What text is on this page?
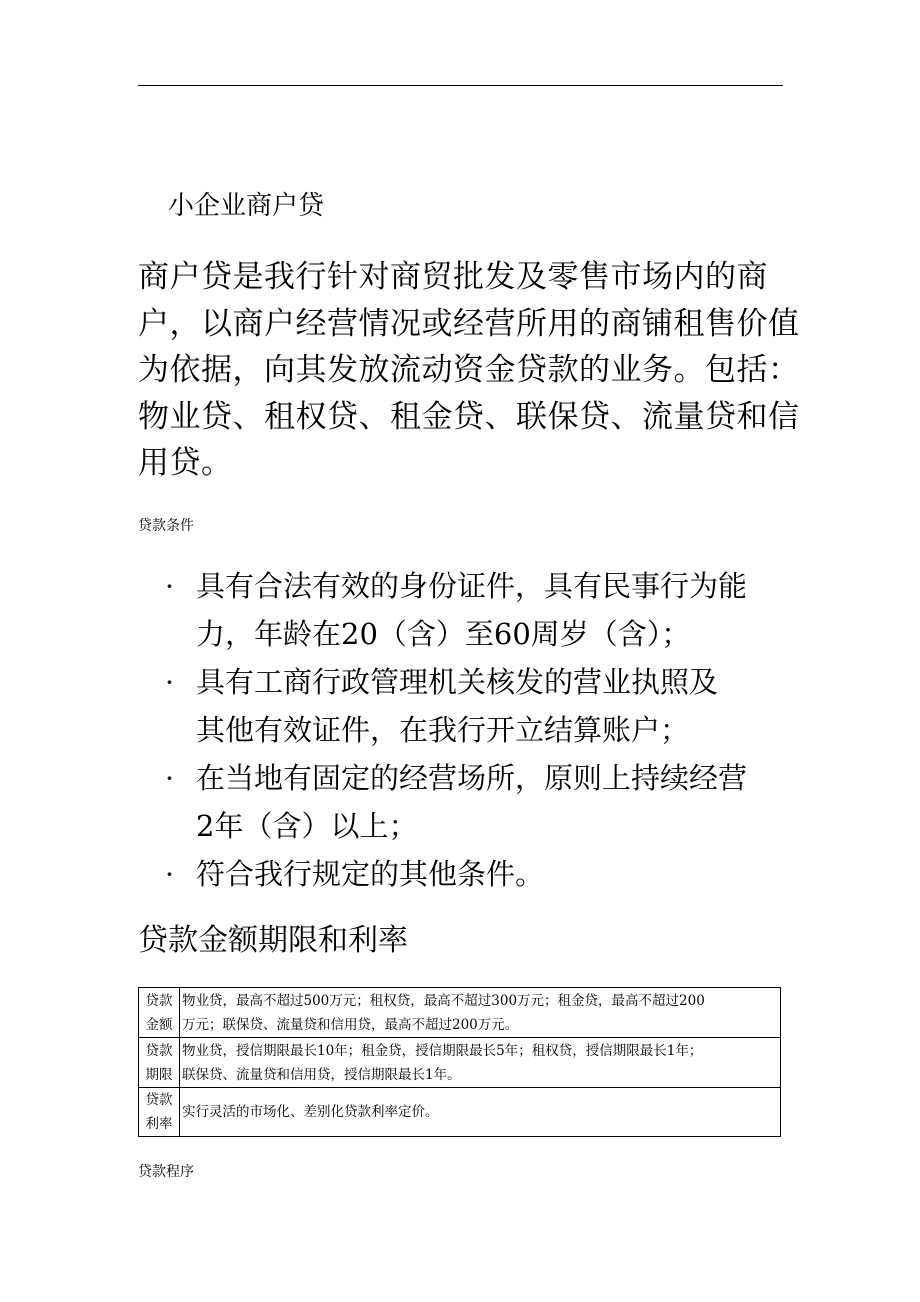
小企业商户贷

商户贷是我行针对商贸批发及零售市场内的商
户，以商户经营情况或经营所用的商铺租售价值
为依据，向其发放流动资金贷款的业务。包括：
物业贷、租权贷、租金贷、联保贷、流量贷和信
用贷。

贷款条件
· 具有合法有效的身份证件，具有民事行为能
力，年龄在20（含）至60周岁（含）；
· 具有工商行政管理机关核发的营业执照及
其他有效证件，在我行开立结算账户；
· 在当地有固定的经营场所，原则上持续经营
2年（含）以上；
· 符合我行规定的其他条件。
贷款金额期限和利率
贷款
金额	物业贷，最高不超过500万元；租权贷，最高不超过300万元；租金贷，最高不超过200
万元；联保贷、流量贷和信用贷，最高不超过200万元。

贷款
期限	物业贷，授信期限最长10年；租金贷，授信期限最长5年；租权贷，授信期限最长1年；
联保贷、流量贷和信用贷，授信期限最长1年。

贷款
利率	实行灵活的市场化、差别化贷款利率定价。
贷款程序
